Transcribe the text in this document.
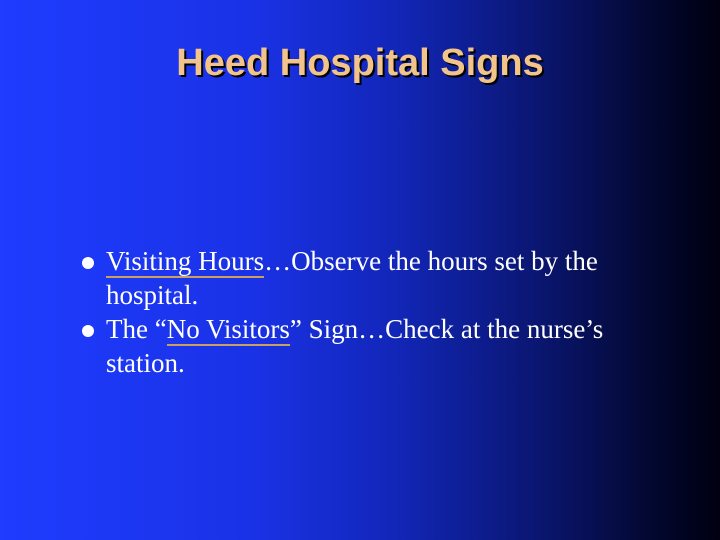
Heed Hospital Signs
Visiting Hours…Observe the hours set by the hospital.
The “No Visitors” Sign…Check at the nurse’s station.
